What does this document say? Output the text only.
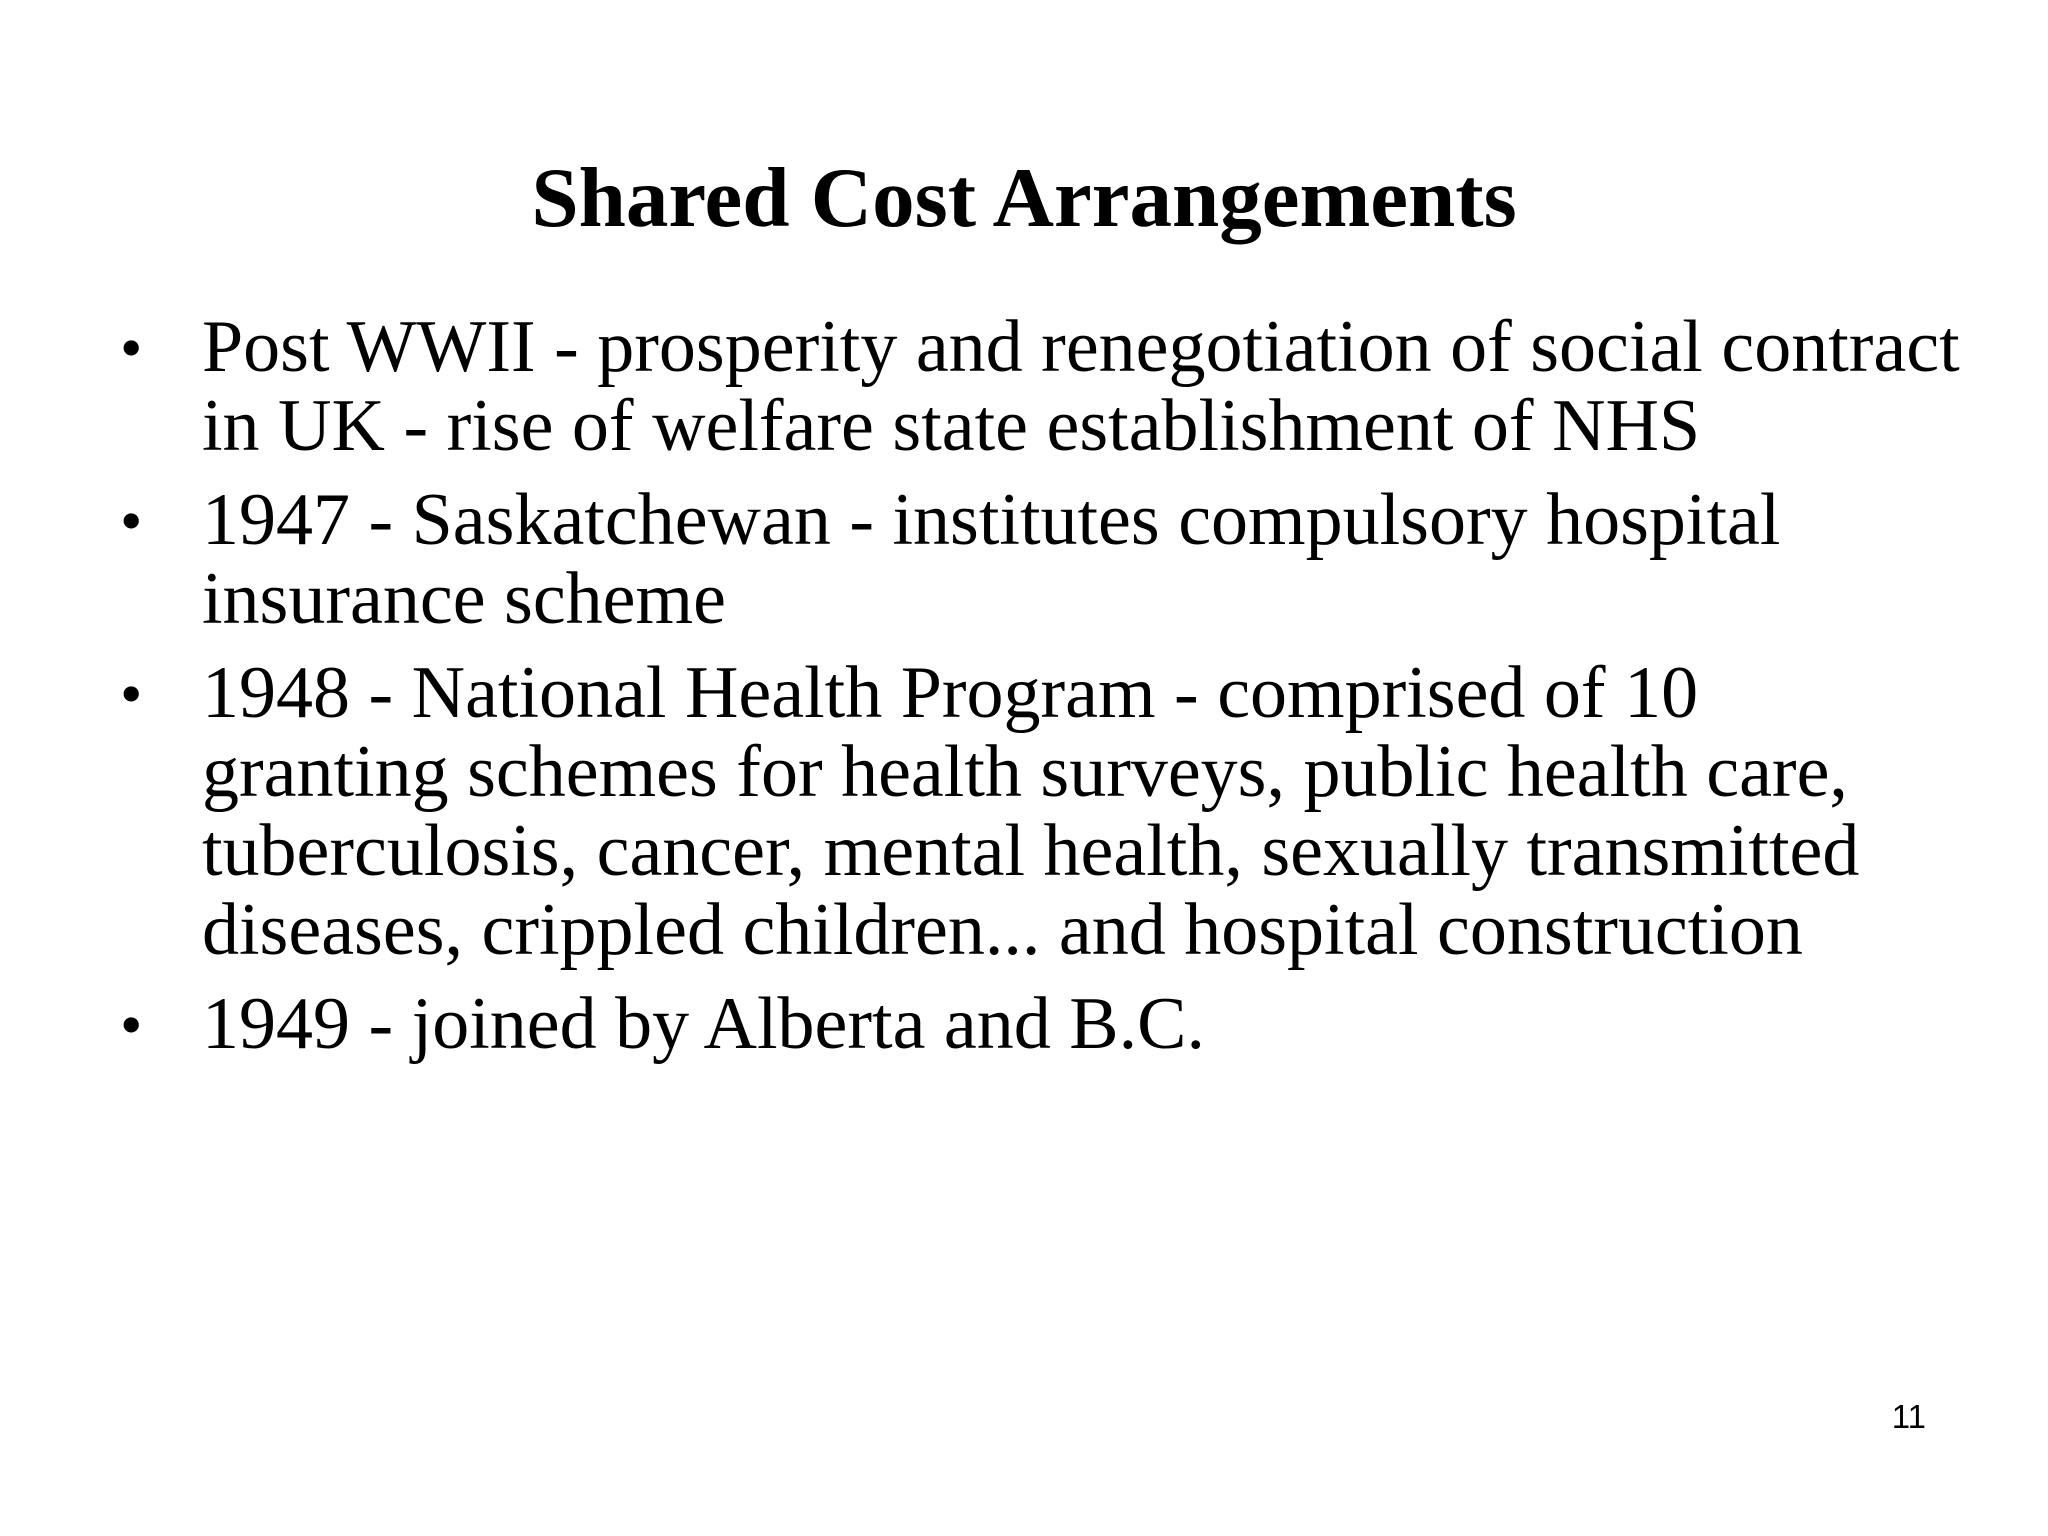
Shared Cost Arrangements
• Post WWII - prosperity and renegotiation of social contract in UK - rise of welfare state establishment of NHS
• 1947 - Saskatchewan - institutes compulsory hospital insurance scheme
• 1948 - National Health Program - comprised of 10 granting schemes for health surveys, public health care, tuberculosis, cancer, mental health, sexually transmitted diseases, crippled children... and hospital construction
• 1949 - joined by Alberta and B.C.
11
